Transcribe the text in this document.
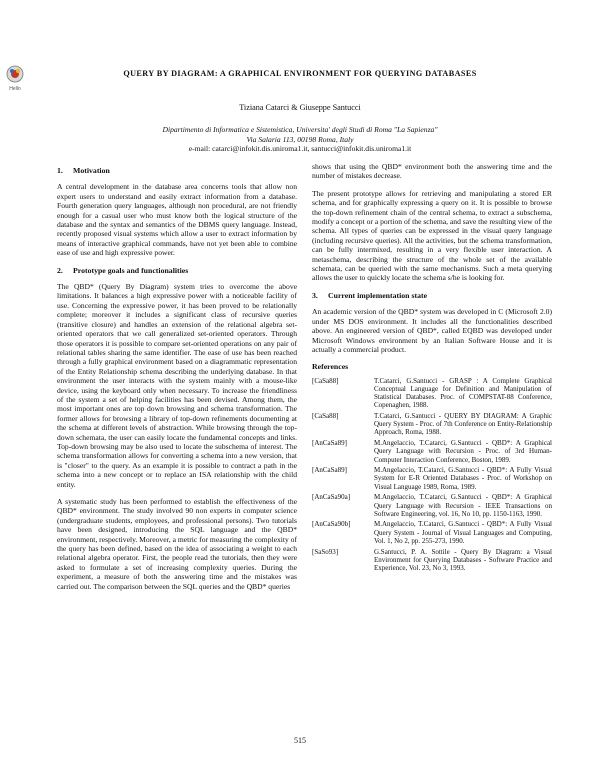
Hello
QUERY BY DIAGRAM: A GRAPHICAL ENVIRONMENT FOR QUERYING DATABASES
Tiziana Catarci & Giuseppe Santucci
Dipartimento di Informatica e Sistemistica, Universita' degli Studi di Roma "La Sapienza"
Via Salaria 113, 00198 Roma, Italy
e-mail: catarci@infokit.dis.uniroma1.it, santucci@infokit.dis.uniroma1.it
1. Motivation

A central development in the database area concerns tools that allow non expert users to understand and easily extract information from a database. Fourth generation query languages, although non procedural, are not friendly enough for a casual user who must know both the logical structure of the database and the syntax and semantics of the DBMS query language. Instead, recently proposed visual systems which allow a user to extract information by means of interactive graphical commands, have not yet been able to combine ease of use and high expressive power.

2. Prototype goals and functionalities

The QBD* (Query By Diagram) system tries to overcome the above limitations. It balances a high expressive power with a noticeable facility of use. Concerning the expressive power, it has been proved to be relationally complete; moreover it includes a significant class of recursive queries (transitive closure) and handles an extension of the relational algebra set-oriented operators that we call generalized set-oriented operators. Through those operators it is possible to compare set-oriented operations on any pair of relational tables sharing the same identifier. The ease of use has been reached through a fully graphical environment based on a diagrammatic representation of the Entity Relationship schema describing the underlying database. In that environment the user interacts with the system mainly with a mouse-like device, using the keyboard only when necessary. To increase the friendliness of the system a set of helping facilities has been devised. Among them, the most important ones are top down browsing and schema transformation. The former allows for browsing a library of top-down refinements documenting at the schema at different levels of abstraction. While browsing through the top-down schemata, the user can easily locate the fundamental concepts and links. Top-down browsing may be also used to locate the subschema of interest. The schema transformation allows for converting a schema into a new version, that is "closer" to the query. As an example it is possible to contract a path in the schema into a new concept or to replace an ISA relationship with the child entity.

A systematic study has been performed to establish the effectiveness of the QBD* environment. The study involved 90 non experts in computer science (undergraduate students, employees, and professional persons). Two tutorials have been designed, introducing the SQL language and the QBD* environment, respectively. Moreover, a metric for measuring the complexity of the query has been defined, based on the idea of associating a weight to each relational algebra operator. First, the people read the tutorials, then they were asked to formulate a set of increasing complexity queries. During the experiment, a measure of both the answering time and the mistakes was carried out. The comparison between the SQL queries and the QBD* queries

shows that using the QBD* environment both the answering time and the number of mistakes decrease.

The present prototype allows for retrieving and manipulating a stored ER schema, and for graphically expressing a query on it. It is possible to browse the top-down refinement chain of the central schema, to extract a subschema, modify a concept or a portion of the schema, and save the resulting view of the schema. All types of queries can be expressed in the visual query language (including recursive queries). All the activities, but the schema transformation, can be fully intermixed, resulting in a very flexible user interaction. A metaschema, describing the structure of the whole set of the available schemata, can be queried with the same mechanisms. Such a meta querying allows the user to quickly locate the schema s/he is looking for.

3. Current implementation state

An academic version of the QBD* system was developed in C (Microsoft 2.0) under MS DOS environment. It includes all the functionalities described above. An engineered version of QBD*, called EQBD was developed under Microsoft Windows environment by an Italian Software House and it is actually a commercial product.

References
[CaSa88]	T.Catarci, G.Santucci - GRASP : A Complete Graphical Conceptual Language for Definition and Manipulation of Statistical Databases. Proc. of COMPSTAT-88 Conference, Copenaghen, 1988.
[CaSa88]	T.Catarci, G.Santucci - QUERY BY DIAGRAM: A Graphic Query System - Proc. of 7th Conference on Entity-Relationship Approach, Roma, 1988.
[AnCaSa89]	M.Angelaccio, T.Catarci, G.Santucci - QBD*: A Graphical Query Language with Recursion - Proc. of 3rd Human-Computer Interaction Conference, Boston, 1989.
[AnCaSa89]	M.Angelaccio, T.Catarci, G.Santucci - QBD*: A Fully Visual System for E-R Oriented Databases - Proc. of Workshop on Visual Language 1989, Roma, 1989.
[AnCaSa90a]	M.Angelaccio, T.Catarci, G.Santucci - QBD*: A Graphical Query Language with Recursion - IEEE Transactions on Software Engineering, vol. 16, No 10, pp. 1150-1163, 1990.
[AnCaSa90b]	M.Angelaccio, T.Catarci, G.Santucci - QBD*: A Fully Visual Query System - Journal of Visual Languages and Computing, Vol. 1, No 2, pp. 255-273, 1990.
[SaSo93]	G.Santucci, P. A. Sottile - Query By Diagram: a Visual Environment for Querying Databases - Software Practice and Experience, Vol. 23, No 3, 1993.
515
